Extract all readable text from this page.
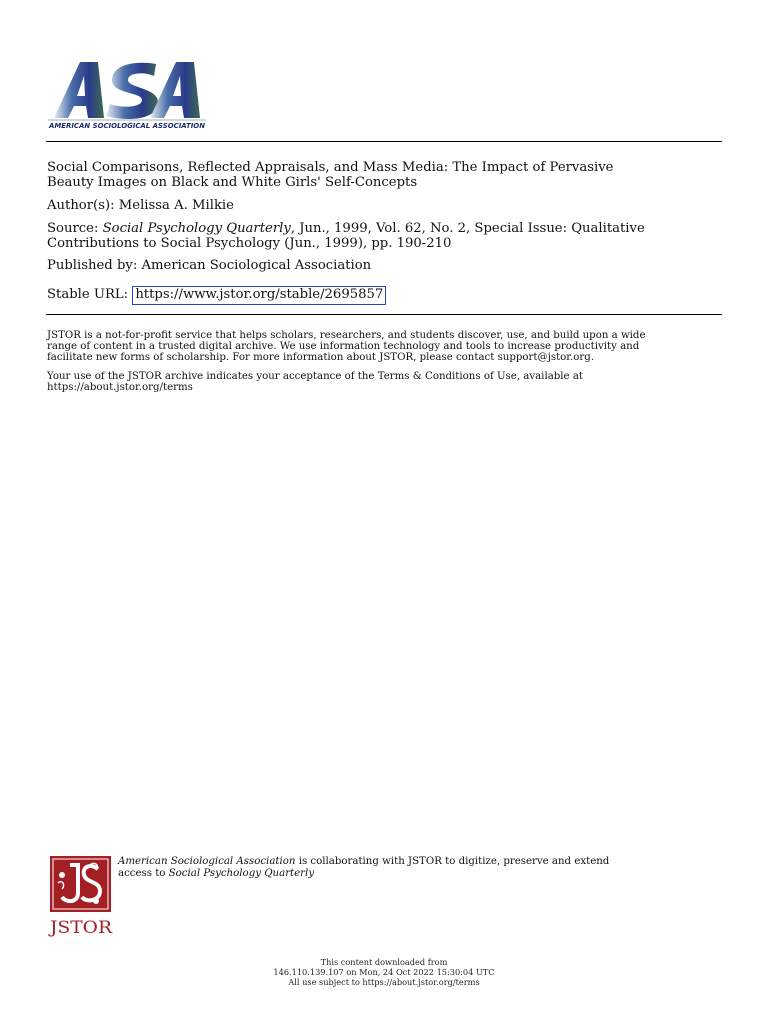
AMERICAN SOCIOLOGICAL ASSOCIATION

Social Comparisons, Reflected Appraisals, and Mass Media: The Impact of Pervasive

Beauty Images on Black and White Girls' Self-Concepts

Author(s): Melissa A. Milkie

Source: Social Psychology Quarterly, Jun., 1999, Vol. 62, No. 2, Special Issue: Qualitative

Contributions to Social Psychology (Jun., 1999), pp. 190-210

Published by: American Sociological Association
Stable URL: https://www.jstor.org/stable/2695857

JSTOR is a not-for-profit service that helps scholars, researchers, and students discover, use, and build upon a wide

range of content in a trusted digital archive. We use information technology and tools to increase productivity and

facilitate new forms of scholarship. For more information about JSTOR, please contact support@jstor.org.

Your use of the JSTOR archive indicates your acceptance of the Terms & Conditions of Use, available at

https://about.jstor.org/terms

JSTOR

American Sociological Association is collaborating with JSTOR to digitize, preserve and extend

access to Social Psychology Quarterly

This content downloaded from

146.110.139.107 on Mon, 24 Oct 2022 15:30:04 UTC

All use subject to https://about.jstor.org/terms
